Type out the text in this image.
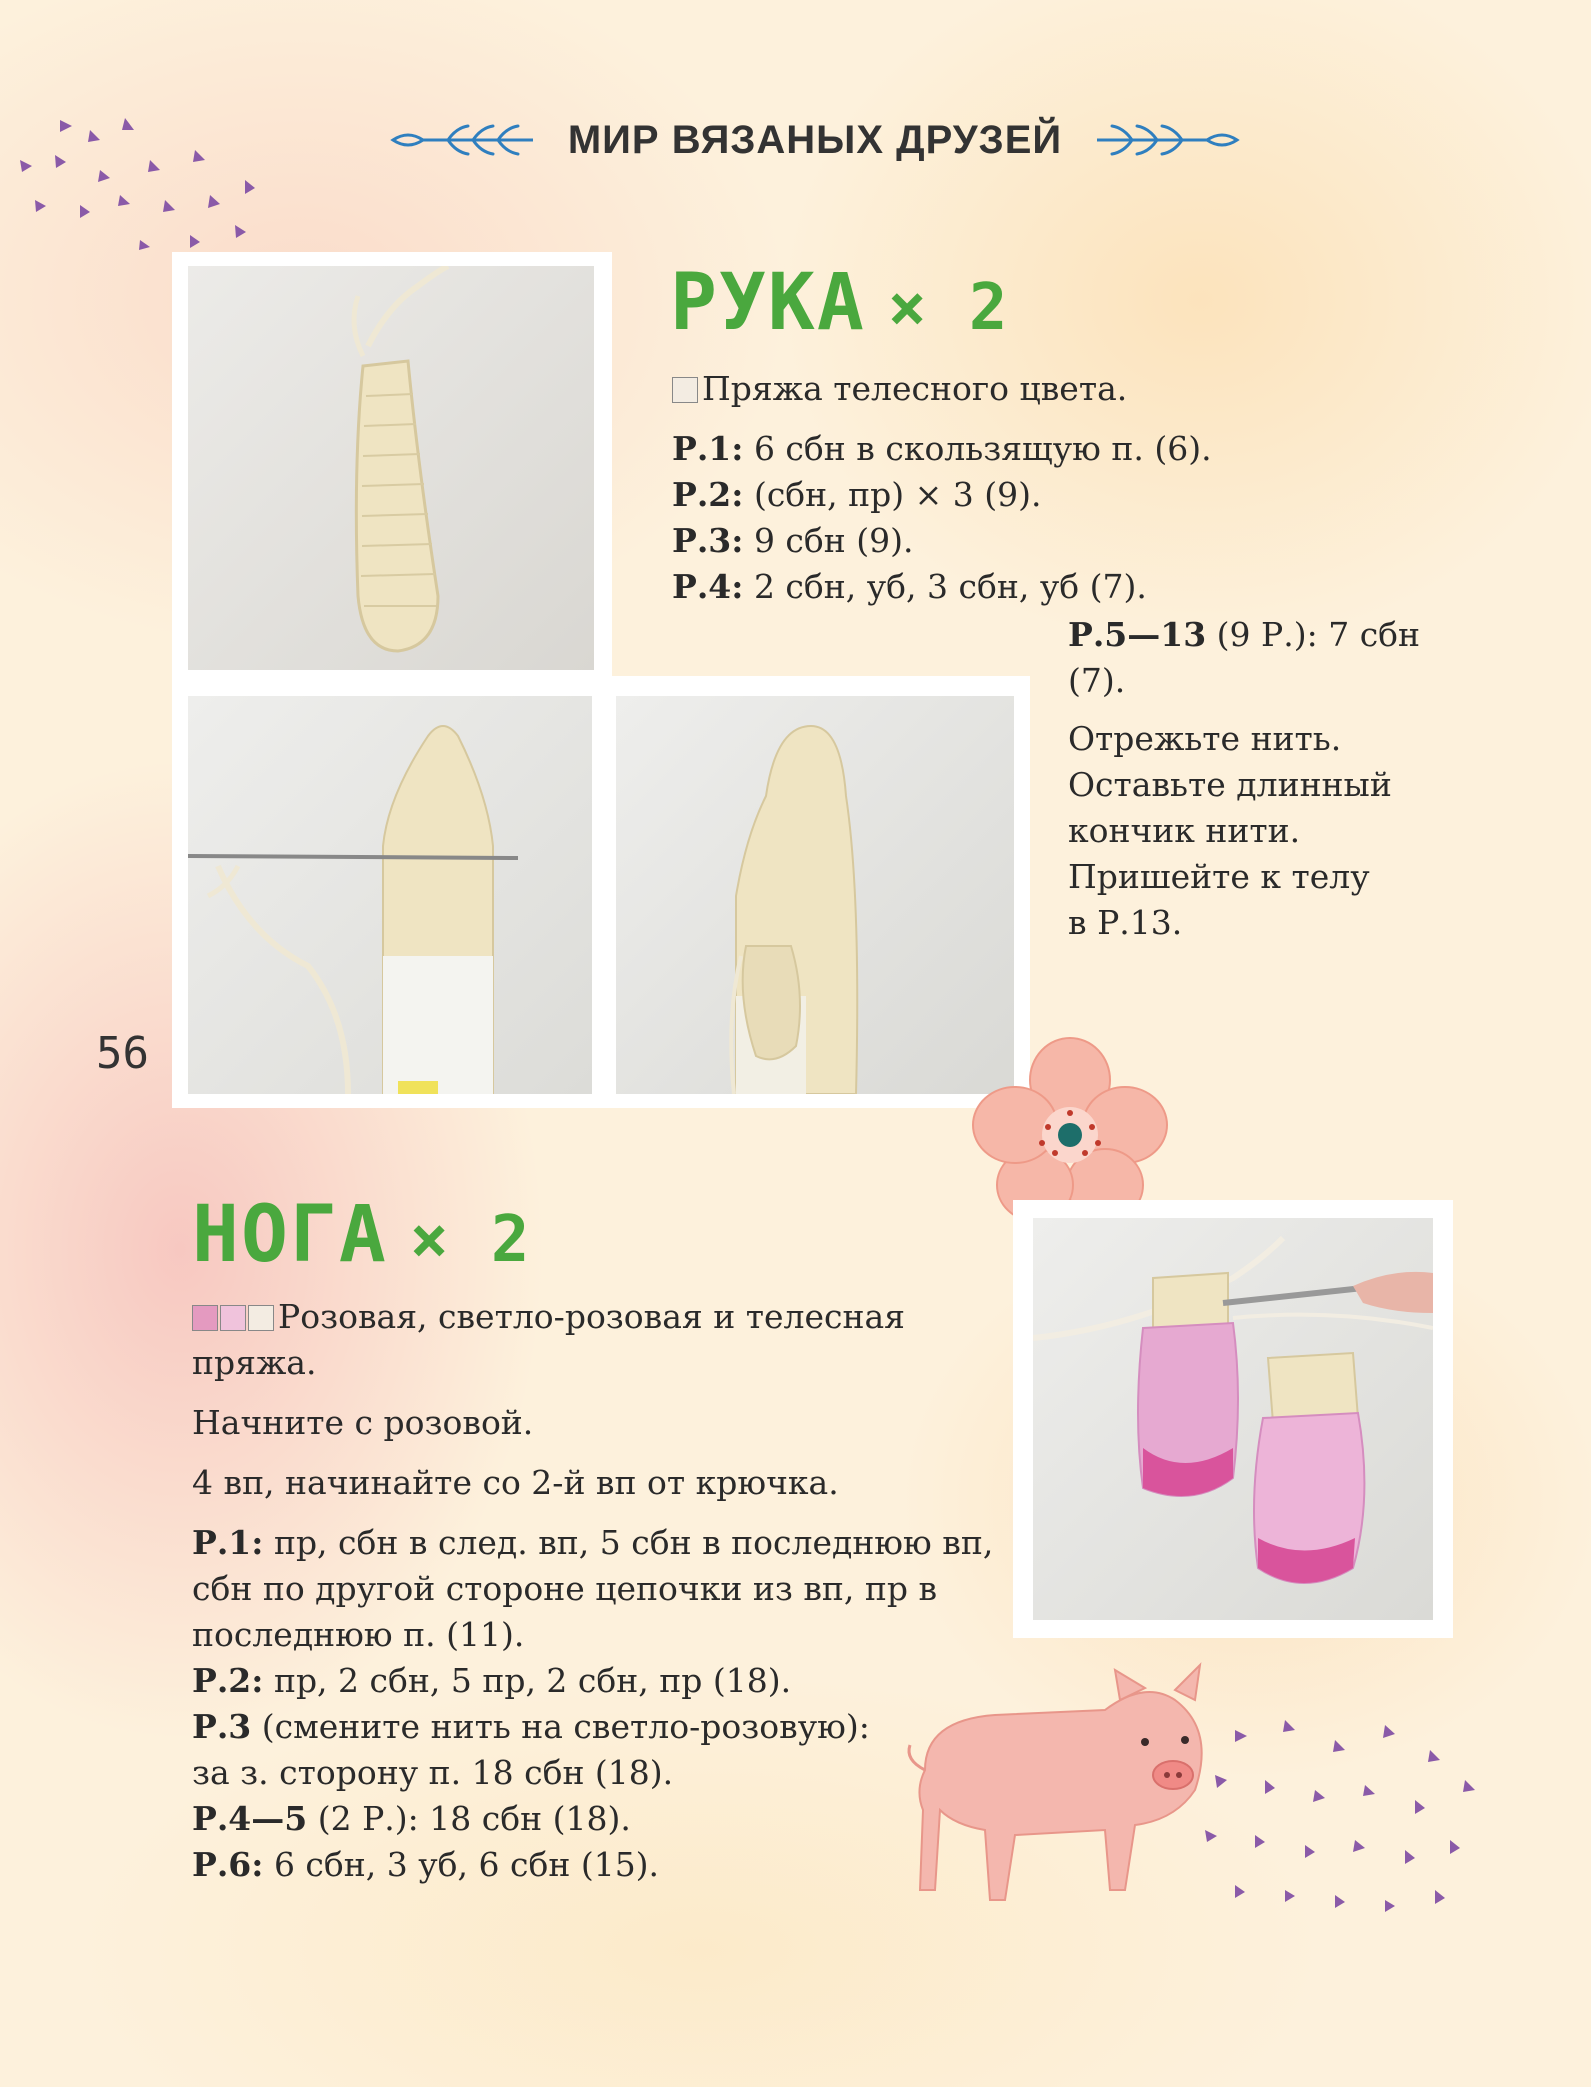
МИР ВЯЗАНЫХ ДРУЗЕЙ
56
РУКА × 2
Пряжа телесного цвета.
Р.1: 6 сбн в скользящую п. (6).
Р.2: (сбн, пр) × 3 (9).
Р.3: 9 сбн (9).
Р.4: 2 сбн, уб, 3 сбн, уб (7).
Р.5—13 (9 Р.): 7 сбн
(7).
Отрежьте нить.
Оставьте длинный
кончик нити.
Пришейте к телу
в Р.13.
НОГА × 2
Розовая, светло-розовая и телесная
пряжа.
Начните с розовой.
4 вп, начинайте со 2-й вп от крючка.
Р.1: пр, сбн в след. вп, 5 сбн в последнюю вп,
сбн по другой стороне цепочки из вп, пр в
последнюю п. (11).
Р.2: пр, 2 сбн, 5 пр, 2 сбн, пр (18).
Р.3 (смените нить на светло-розовую):
за з. сторону п. 18 сбн (18).
Р.4—5 (2 Р.): 18 сбн (18).
Р.6: 6 сбн, 3 уб, 6 сбн (15).
